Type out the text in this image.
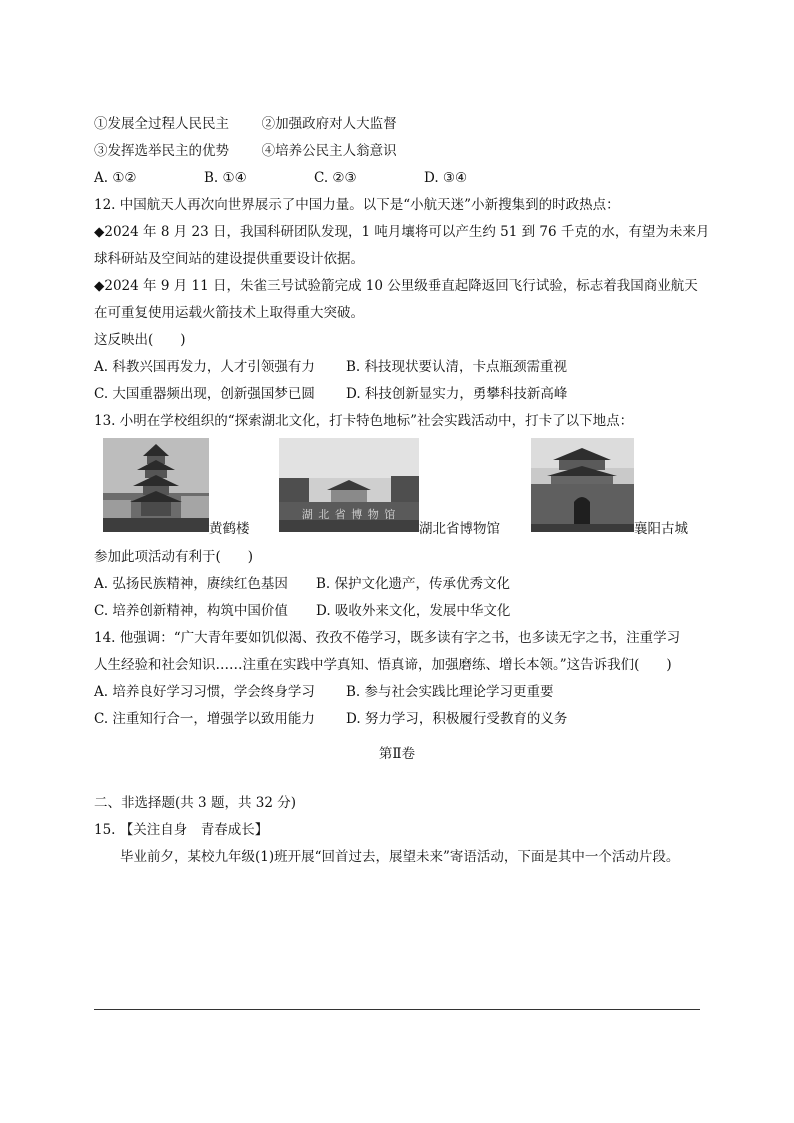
①发展全过程人民民主 ②加强政府对人大监督
③发挥选举民主的优势 ④培养公民主人翁意识
A. ①②	B. ①④	C. ②③	D. ③④
12. 中国航天人再次向世界展示了中国力量。以下是“小航天迷”小新搜集到的时政热点：
◆2024 年 8 月 23 日，我国科研团队发现，1 吨月壤将可以产生约 51 到 76 千克的水，有望为未来月
球科研站及空间站的建设提供重要设计依据。
◆2024 年 9 月 11 日，朱雀三号试验箭完成 10 公里级垂直起降返回飞行试验，标志着我国商业航天
在可重复使用运载火箭技术上取得重大突破。
这反映出(　　)
A. 科教兴国再发力，人才引领强有力 B. 科技现状要认清，卡点瓶颈需重视
C. 大国重器频出现，创新强国梦已圆 D. 科技创新显实力，勇攀科技新高峰
13. 小明在学校组织的“探索湖北文化，打卡特色地标”社会实践活动中，打卡了以下地点：
黄鹤楼
湖 北 省 博 物 馆
湖北省博物馆	襄阳古城
参加此项活动有利于(　　)
A. 弘扬民族精神，赓续红色基因 B. 保护文化遗产，传承优秀文化
C. 培养创新精神，构筑中国价值 D. 吸收外来文化，发展中华文化
14. 他强调：“广大青年要如饥似渴、孜孜不倦学习，既多读有字之书，也多读无字之书，注重学习
人生经验和社会知识……注重在实践中学真知、悟真谛，加强磨练、增长本领。”这告诉我们(　　)
A. 培养良好学习习惯，学会终身学习 B. 参与社会实践比理论学习更重要
C. 注重知行合一，增强学以致用能力 D. 努力学习，积极履行受教育的义务
第Ⅱ卷
二、非选择题(共 3 题，共 32 分)
15. 【关注自身　青春成长】
毕业前夕，某校九年级(1)班开展“回首过去，展望未来”寄语活动，下面是其中一个活动片段。
